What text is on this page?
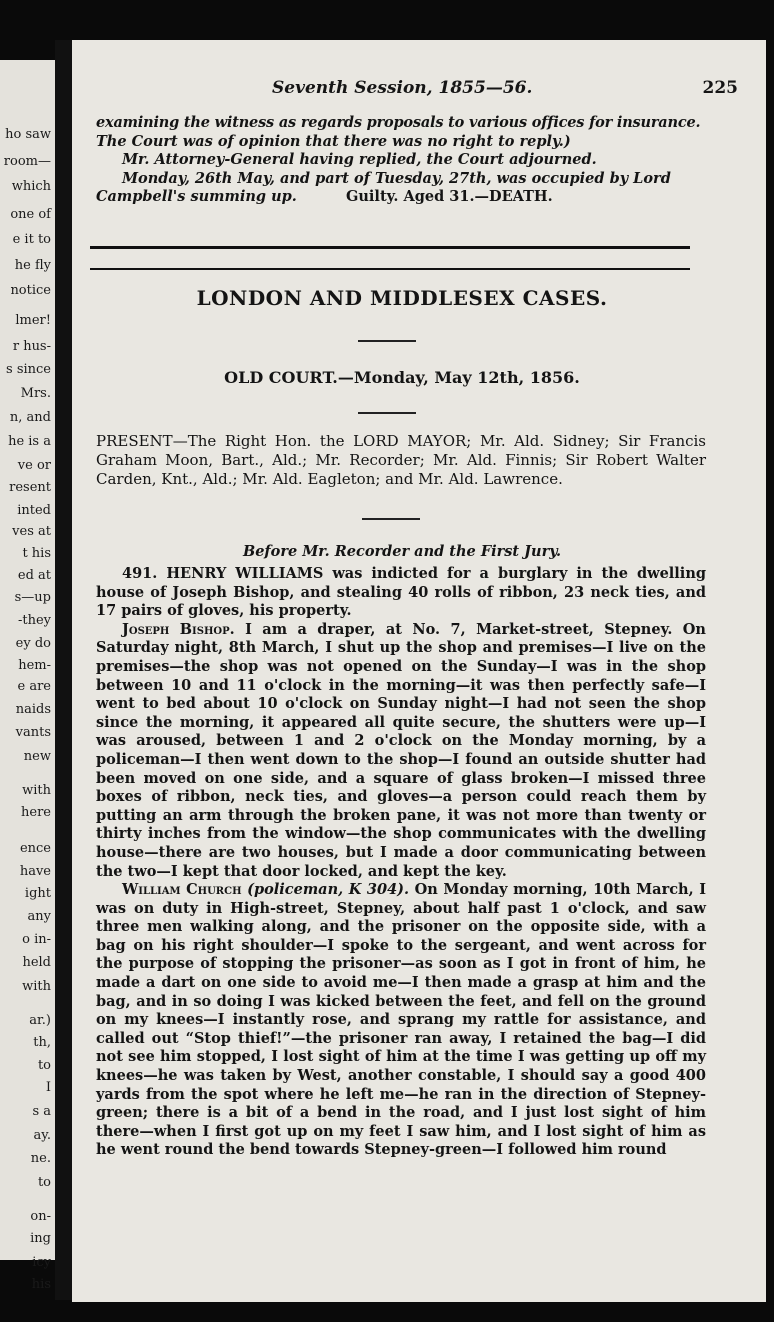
ho saw
room—
which
one of
e it to
he fly
notice
lmer!
r hus-
s since
Mrs.
n, and
he is a
ve or
resent
inted
ves at
t his
ed at
s—up
-they
ey do
hem-
e are
naids
vants
new
with
here
ence
have
ight
any
o in-
held
with
ar.)
th,
to
I
s a
ay.
ne.
to
on-
ing
icy
his
Seventh Session, 1855—56.	225

examining the witness as regards proposals to various offices for insurance.

The Court was of opinion that there was no right to reply.)

Mr. Attorney-General having replied, the Court adjourned.

Monday, 26th May, and part of Tuesday, 27th, was occupied by Lord

Campbell's summing up.	Guilty. Aged 31.—DEATH.

LONDON AND MIDDLESEX CASES.
OLD COURT.—Monday, May 12th, 1856.

PRESENT—The Right Hon. the LORD MAYOR; Mr. Ald. Sidney; Sir Francis Graham Moon, Bart., Ald.; Mr. Recorder; Mr. Ald. Finnis; Sir Robert Walter Carden, Knt., Ald.; Mr. Ald. Eagleton; and Mr. Ald. Lawrence.

Before Mr. Recorder and the First Jury.

491. HENRY WILLIAMS was indicted for a burglary in the dwelling house of Joseph Bishop, and stealing 40 rolls of ribbon, 23 neck ties, and 17 pairs of gloves, his property.

Joseph Bishop. I am a draper, at No. 7, Market-street, Stepney. On Saturday night, 8th March, I shut up the shop and premises—I live on the premises—the shop was not opened on the Sunday—I was in the shop between 10 and 11 o'clock in the morning—it was then perfectly safe—I went to bed about 10 o'clock on Sunday night—I had not seen the shop since the morning, it appeared all quite secure, the shutters were up—I was aroused, between 1 and 2 o'clock on the Monday morning, by a policeman—I then went down to the shop—I found an outside shutter had been moved on one side, and a square of glass broken—I missed three boxes of ribbon, neck ties, and gloves—a person could reach them by putting an arm through the broken pane, it was not more than twenty or thirty inches from the window—the shop communicates with the dwelling house—there are two houses, but I made a door communicating between the two—I kept that door locked, and kept the key.

William Church (policeman, K 304). On Monday morning, 10th March, I was on duty in High-street, Stepney, about half past 1 o'clock, and saw three men walking along, and the prisoner on the opposite side, with a bag on his right shoulder—I spoke to the sergeant, and went across for the purpose of stopping the prisoner—as soon as I got in front of him, he made a dart on one side to avoid me—I then made a grasp at him and the bag, and in so doing I was kicked between the feet, and fell on the ground on my knees—I instantly rose, and sprang my rattle for assistance, and called out “Stop thief!”—the prisoner ran away, I retained the bag—I did not see him stopped, I lost sight of him at the time I was getting up off my knees—he was taken by West, another constable, I should say a good 400 yards from the spot where he left me—he ran in the direction of Stepney-green; there is a bit of a bend in the road, and I just lost sight of him there—when I first got up on my feet I saw him, and I lost sight of him as he went round the bend towards Stepney-green—I followed him round
